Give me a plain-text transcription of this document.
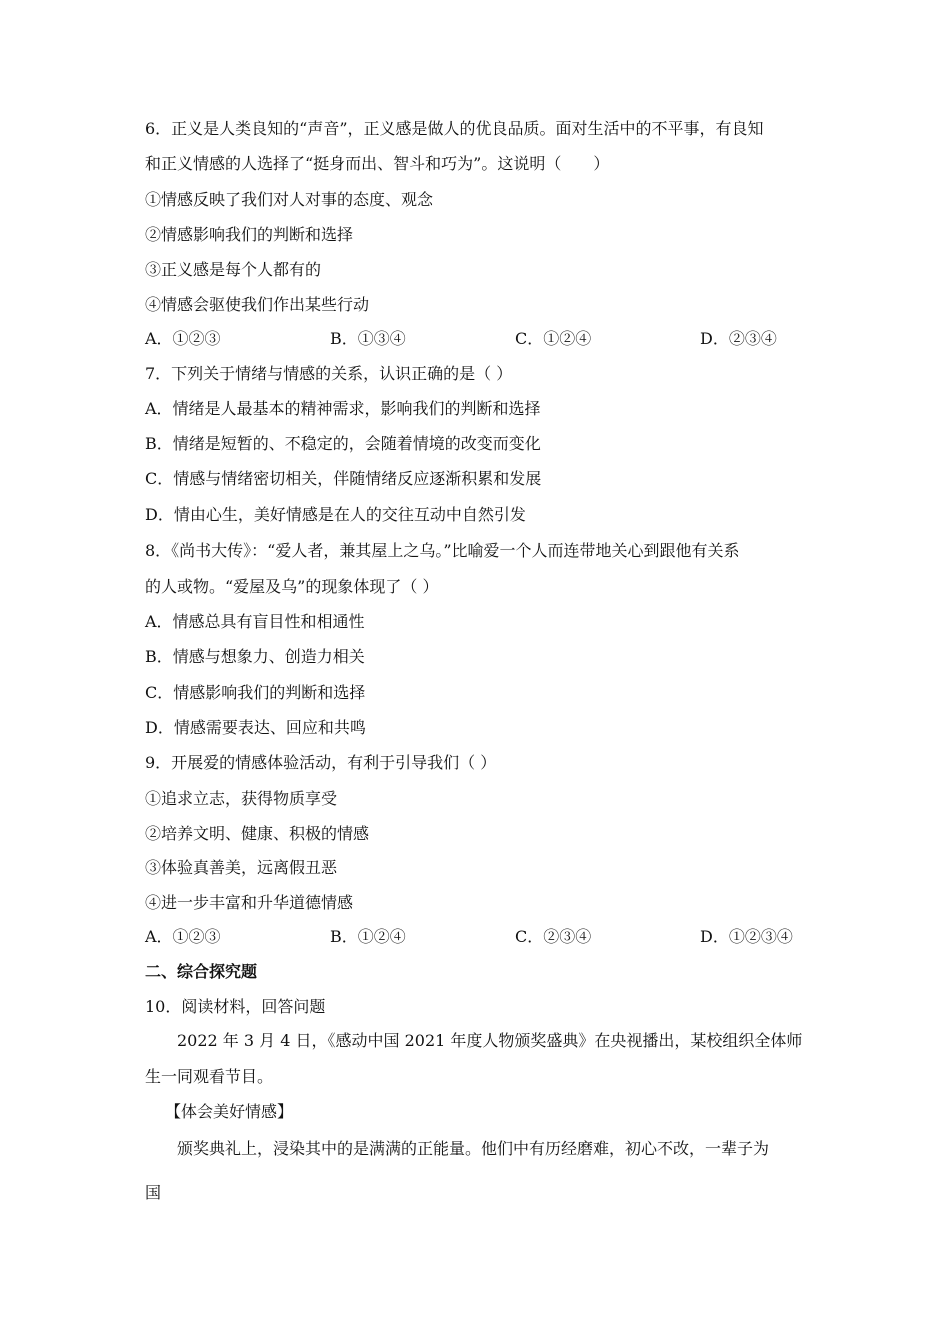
6．正义是人类良知的“声音”，正义感是做人的优良品质。面对生活中的不平事，有良知
和正义情感的人选择了“挺身而出、智斗和巧为”。这说明（　　）
①情感反映了我们对人对事的态度、观念
②情感影响我们的判断和选择
③正义感是每个人都有的
④情感会驱使我们作出某些行动
A．①②③	B．①③④	C．①②④	D．②③④
7．下列关于情绪与情感的关系，认识正确的是（ ）
A．情绪是人最基本的精神需求，影响我们的判断和选择
B．情绪是短暂的、不稳定的，会随着情境的改变而变化
C．情感与情绪密切相关，伴随情绪反应逐渐积累和发展
D．情由心生，美好情感是在人的交往互动中自然引发
8．《尚书大传》：“爱人者，兼其屋上之乌。”比喻爱一个人而连带地关心到跟他有关系
的人或物。“爱屋及乌”的现象体现了（ ）
A．情感总具有盲目性和相通性
B．情感与想象力、创造力相关
C．情感影响我们的判断和选择
D．情感需要表达、回应和共鸣
9．开展爱的情感体验活动，有利于引导我们（ ）
①追求立志，获得物质享受
②培养文明、健康、积极的情感
③体验真善美，远离假丑恶
④进一步丰富和升华道德情感
A．①②③	B．①②④	C．②③④	D．①②③④
二、综合探究题
10．阅读材料，回答问题
2022 年 3 月 4 日，《感动中国 2021 年度人物颁奖盛典》在央视播出，某校组织全体师
生一同观看节目。
【体会美好情感】
颁奖典礼上，浸染其中的是满满的正能量。他们中有历经磨难，初心不改，一辈子为
国
